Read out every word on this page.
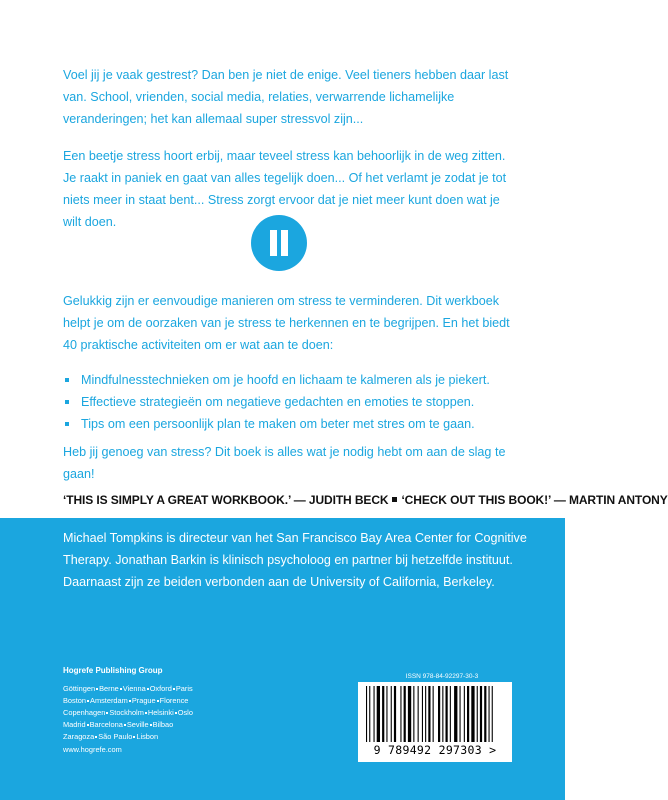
Voel jij je vaak gestrest? Dan ben je niet de enige. Veel tieners hebben daar last van. School, vrienden, social media, relaties, verwarrende lichamelijke veranderingen; het kan allemaal super stressvol zijn...

Een beetje stress hoort erbij, maar teveel stress kan behoorlijk in de weg zitten. Je raakt in paniek en gaat van alles tegelijk doen... Of het verlamt je zodat je tot niets meer in staat bent... Stress zorgt ervoor dat je niet meer kunt doen wat je wilt doen.

Gelukkig zijn er eenvoudige manieren om stress te verminderen. Dit werkboek helpt je om de oorzaken van je stress te herkennen en te begrijpen. En het biedt 40 praktische activiteiten om er wat aan te doen:

Mindfulnesstechnieken om je hoofd en lichaam te kalmeren als je piekert.
Effectieve strategieën om negatieve gedachten en emoties te stoppen.
Tips om een persoonlijk plan te maken om beter met stres om te gaan.

Heb jij genoeg van stress? Dit boek is alles wat je nodig hebt om aan de slag te gaan!

‘THIS IS SIMPLY A GREAT WORKBOOK.’ — JUDITH BECK ‘CHECK OUT THIS BOOK!’ — MARTIN ANTONY

Michael Tompkins is directeur van het San Francisco Bay Area Center for Cognitive Therapy. Jonathan Barkin is klinisch psycholoog en partner bij hetzelfde instituut. Daarnaast zijn ze beiden verbonden aan de University of California, Berkeley.

Hogrefe Publishing Group
Göttingen Berne Vienna Oxford Paris
Boston Amsterdam Prague Florence
Copenhagen Stockholm Helsinki Oslo
Madrid Barcelona Seville Bilbao
Zaragoza São Paulo Lisbon
www.hogrefe.com
ISSN 978-84-92297-30-3
9 789492 297303 >
